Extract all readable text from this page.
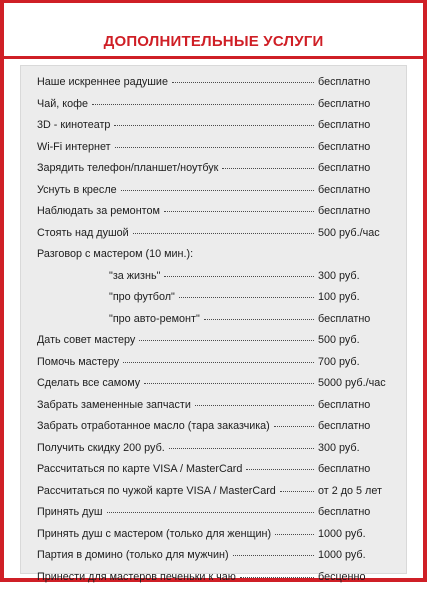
ДОПОЛНИТЕЛЬНЫЕ УСЛУГИ
Наше искреннее радушие	бесплатно
Чай, кофе	бесплатно
3D - кинотеатр	бесплатно
Wi-Fi интернет	бесплатно
Зарядить телефон/планшет/ноутбук	бесплатно
Уснуть в кресле	бесплатно
Наблюдать за ремонтом	бесплатно
Стоять над душой	500 руб./час
Разговор с мастером (10 мин.):
"за жизнь"	300 руб.
"про футбол"	100 руб.
"про авто-ремонт"	бесплатно
Дать совет мастеру	500 руб.
Помочь мастеру	700 руб.
Сделать все самому	5000 руб./час
Забрать замененные запчасти	бесплатно
Забрать отработанное масло (тара заказчика)	бесплатно
Получить скидку 200 руб.	300 руб.
Рассчитаться по карте VISA / MasterCard	бесплатно
Рассчитаться по чужой карте VISA / MasterCard	от 2 до 5 лет
Принять душ	бесплатно
Принять душ с мастером (только для женщин)	1000 руб.
Партия в домино (только для мужчин)	1000 руб.
Принести для мастеров печеньки к чаю	бесценно
